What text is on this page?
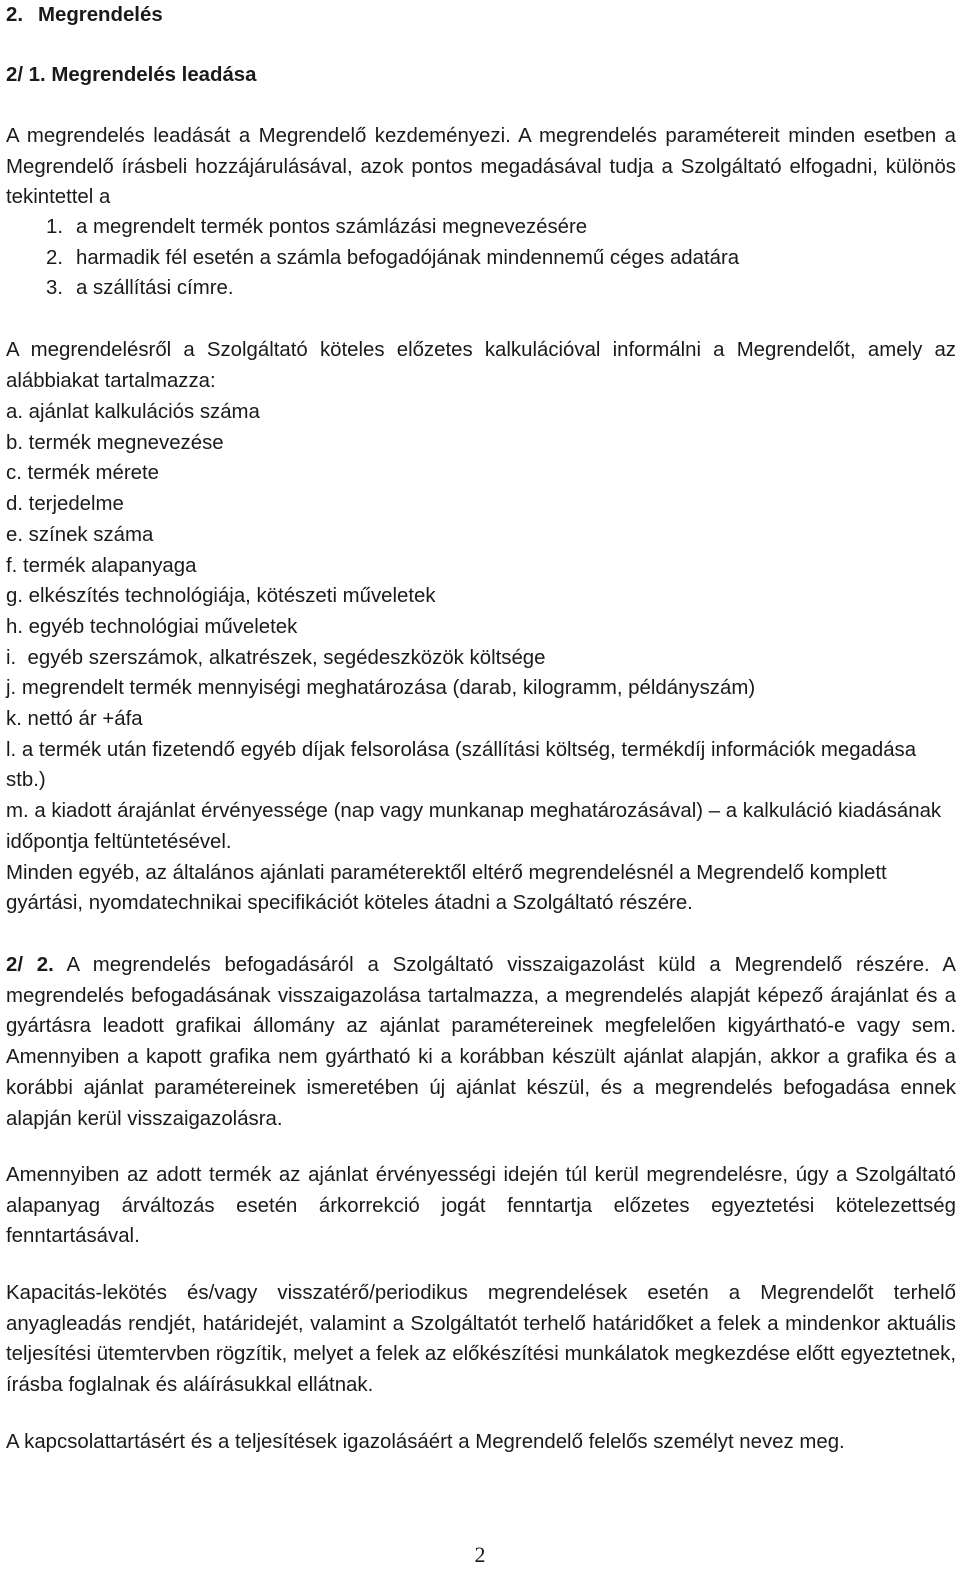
2. Megrendelés
2/ 1. Megrendelés leadása
A megrendelés leadását a Megrendelő kezdeményezi. A megrendelés paramétereit minden esetben a Megrendelő írásbeli hozzájárulásával, azok pontos megadásával tudja a Szolgáltató elfogadni, különös tekintettel a
1. a megrendelt termék pontos számlázási megnevezésére
2. harmadik fél esetén a számla befogadójának mindennemű céges adatára
3. a szállítási címre.
A megrendelésről a Szolgáltató köteles előzetes kalkulációval informálni a Megrendelőt, amely az alábbiakat tartalmazza:
a. ajánlat kalkulációs száma
b. termék megnevezése
c. termék mérete
d. terjedelme
e. színek száma
f. termék alapanyaga
g. elkészítés technológiája, kötészeti műveletek
h. egyéb technológiai műveletek
i.  egyéb szerszámok, alkatrészek, segédeszközök költsége
j. megrendelt termék mennyiségi meghatározása (darab, kilogramm, példányszám)
k. nettó ár +áfa
l. a termék után fizetendő egyéb díjak felsorolása (szállítási költség, termékdíj információk megadása stb.)
m. a kiadott árajánlat érvényessége (nap vagy munkanap meghatározásával) – a kalkuláció kiadásának időpontja feltüntetésével.
Minden egyéb, az általános ajánlati paraméterektől eltérő megrendelésnél a Megrendelő komplett gyártási, nyomdatechnikai specifikációt köteles átadni a Szolgáltató részére.
2/ 2. A megrendelés befogadásáról a Szolgáltató visszaigazolást küld a Megrendelő részére. A megrendelés befogadásának visszaigazolása tartalmazza, a megrendelés alapját képező árajánlat és a gyártásra leadott grafikai állomány az ajánlat paramétereinek megfelelően kigyártható-e vagy sem. Amennyiben a kapott grafika nem gyártható ki a korábban készült ajánlat alapján, akkor a grafika és a korábbi ajánlat paramétereinek ismeretében új ajánlat készül, és a megrendelés befogadása ennek alapján kerül visszaigazolásra.
Amennyiben az adott termék az ajánlat érvényességi idején túl kerül megrendelésre, úgy a Szolgáltató alapanyag árváltozás esetén árkorrekció jogát fenntartja előzetes egyeztetési kötelezettség fenntartásával.
Kapacitás-lekötés és/vagy visszatérő/periodikus megrendelések esetén a Megrendelőt terhelő anyagleadás rendjét, határidejét, valamint a Szolgáltatót terhelő határidőket a felek a mindenkor aktuális teljesítési ütemtervben rögzítik, melyet a felek az előkészítési munkálatok megkezdése előtt egyeztetnek, írásba foglalnak és aláírásukkal ellátnak.
A kapcsolattartásért és a teljesítések igazolásáért a Megrendelő felelős személyt nevez meg.
2
